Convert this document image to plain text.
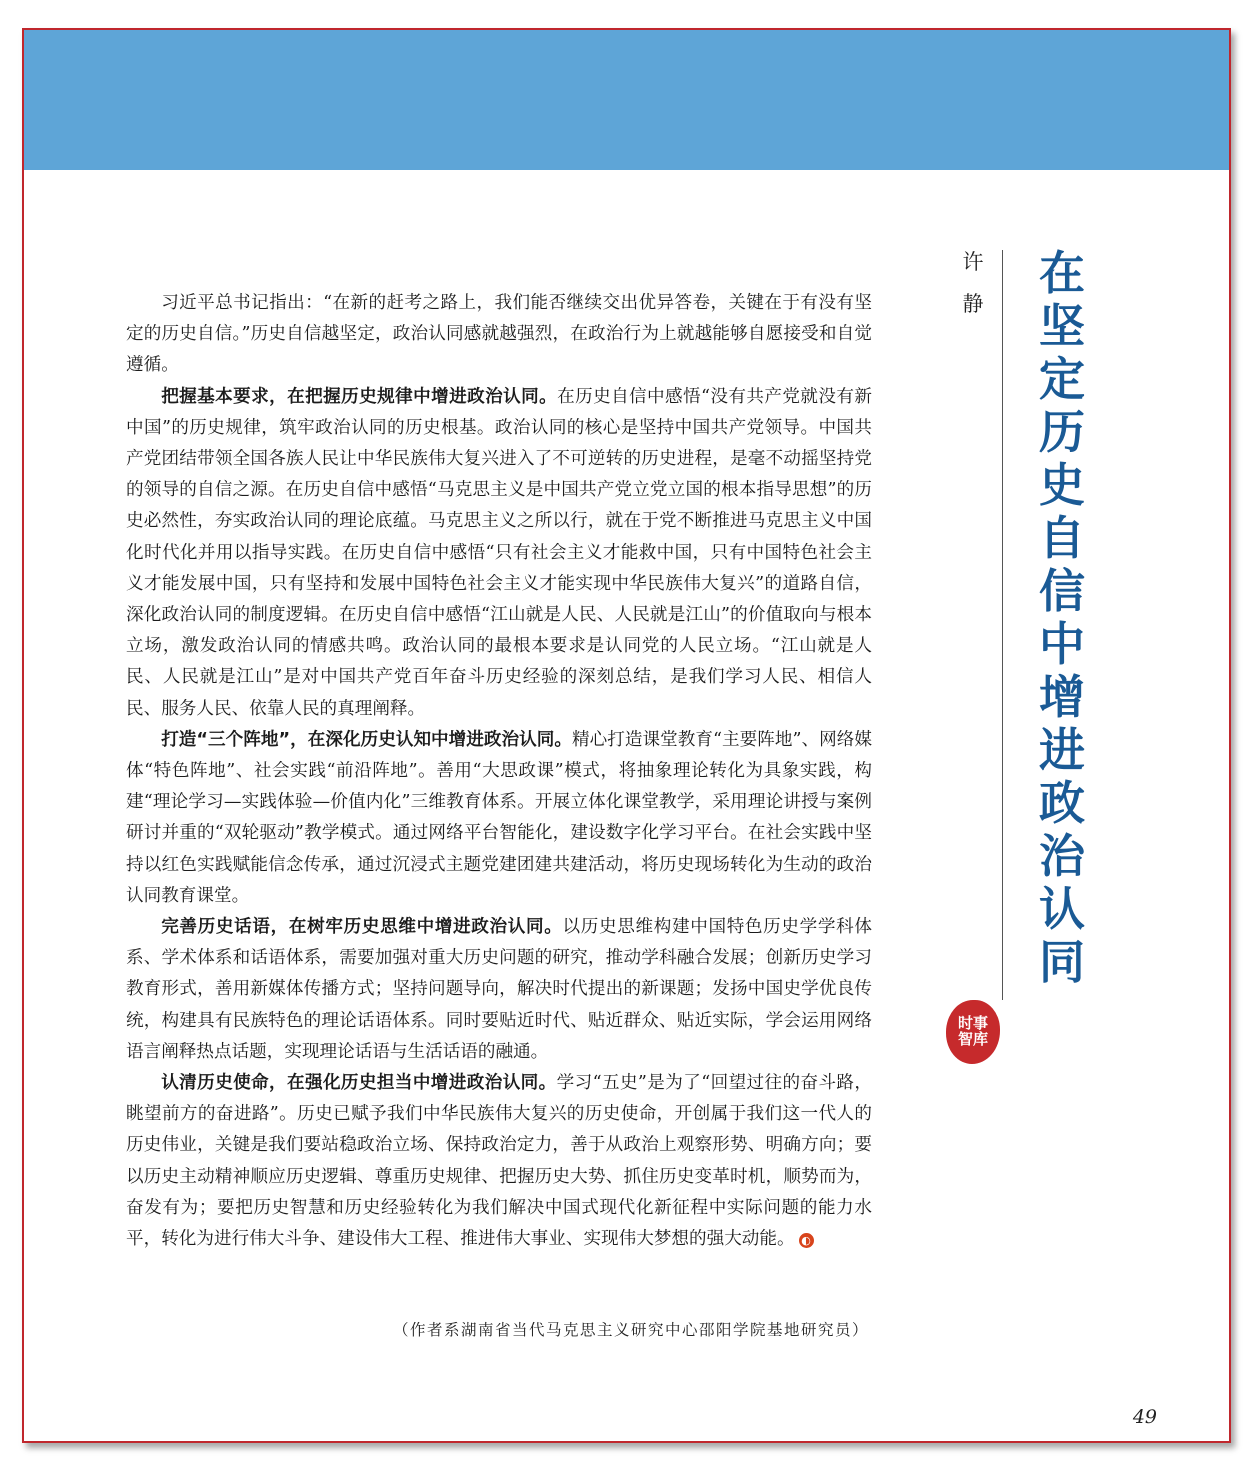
在
坚
定
历
史
自
信
中
增
进
政
治
认
同
许
静
时事智库

习近平总书记指出：“在新的赶考之路上，我们能否继续交出优异答卷，关键在于有没有坚定的历史自信。”历史自信越坚定，政治认同感就越强烈，在政治行为上就越能够自愿接受和自觉遵循。

把握基本要求，在把握历史规律中增进政治认同。在历史自信中感悟“没有共产党就没有新中国”的历史规律，筑牢政治认同的历史根基。政治认同的核心是坚持中国共产党领导。中国共产党团结带领全国各族人民让中华民族伟大复兴进入了不可逆转的历史进程，是毫不动摇坚持党的领导的自信之源。在历史自信中感悟“马克思主义是中国共产党立党立国的根本指导思想”的历史必然性，夯实政治认同的理论底蕴。马克思主义之所以行，就在于党不断推进马克思主义中国化时代化并用以指导实践。在历史自信中感悟“只有社会主义才能救中国，只有中国特色社会主义才能发展中国，只有坚持和发展中国特色社会主义才能实现中华民族伟大复兴”的道路自信，深化政治认同的制度逻辑。在历史自信中感悟“江山就是人民、人民就是江山”的价值取向与根本立场，激发政治认同的情感共鸣。政治认同的最根本要求是认同党的人民立场。“江山就是人民、人民就是江山”是对中国共产党百年奋斗历史经验的深刻总结，是我们学习人民、相信人民、服务人民、依靠人民的真理阐释。

打造“三个阵地”，在深化历史认知中增进政治认同。精心打造课堂教育“主要阵地”、网络媒体“特色阵地”、社会实践“前沿阵地”。善用“大思政课”模式，将抽象理论转化为具象实践，构建“理论学习—实践体验—价值内化”三维教育体系。开展立体化课堂教学，采用理论讲授与案例研讨并重的“双轮驱动”教学模式。通过网络平台智能化，建设数字化学习平台。在社会实践中坚持以红色实践赋能信念传承，通过沉浸式主题党建团建共建活动，将历史现场转化为生动的政治认同教育课堂。

完善历史话语，在树牢历史思维中增进政治认同。以历史思维构建中国特色历史学学科体系、学术体系和话语体系，需要加强对重大历史问题的研究，推动学科融合发展；创新历史学习教育形式，善用新媒体传播方式；坚持问题导向，解决时代提出的新课题；发扬中国史学优良传统，构建具有民族特色的理论话语体系。同时要贴近时代、贴近群众、贴近实际，学会运用网络语言阐释热点话题，实现理论话语与生活话语的融通。

认清历史使命，在强化历史担当中增进政治认同。学习“五史”是为了“回望过往的奋斗路，眺望前方的奋进路”。历史已赋予我们中华民族伟大复兴的历史使命，开创属于我们这一代人的历史伟业，关键是我们要站稳政治立场、保持政治定力，善于从政治上观察形势、明确方向；要以历史主动精神顺应历史逻辑、尊重历史规律、把握历史大势、抓住历史变革时机，顺势而为，奋发有为；要把历史智慧和历史经验转化为我们解决中国式现代化新征程中实际问题的能力水平，转化为进行伟大斗争、建设伟大工程、推进伟大事业、实现伟大梦想的强大动能。 ◐

（作者系湖南省当代马克思主义研究中心邵阳学院基地研究员）
49
